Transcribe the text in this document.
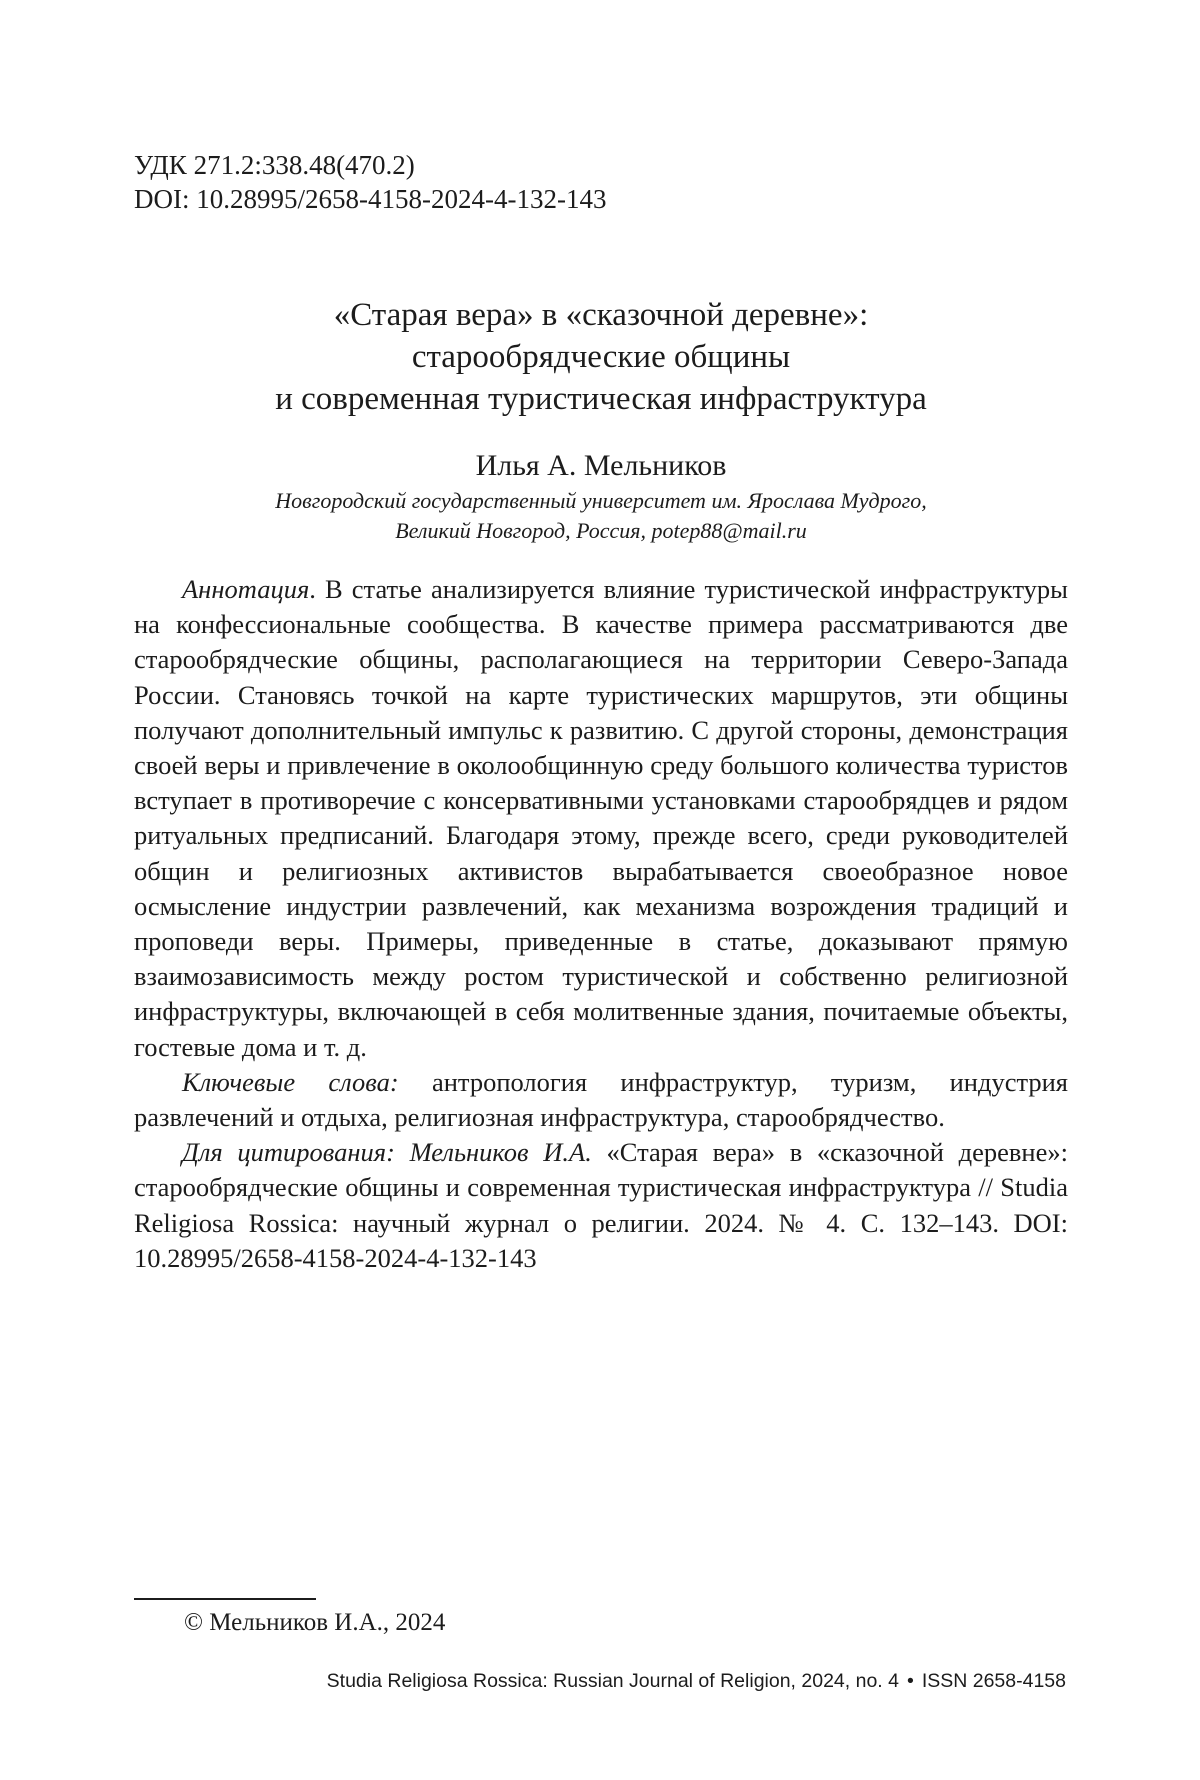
УДК 271.2:338.48(470.2)

DOI: 10.28995/2658-4158-2024-4-132-143

«Старая вера» в «сказочной деревне»:
старообрядческие общины
и современная туристическая инфраструктура
Илья А. Мельников
Новгородский государственный университет им. Ярослава Мудрого,
Великий Новгород, Россия, potep88@mail.ru

Аннотация. В статье анализируется влияние туристической инфраструктуры на конфессиональные сообщества. В качестве примера рассматриваются две старообрядческие общины, располагающиеся на территории Северо-Запада России. Становясь точкой на карте туристических маршрутов, эти общины получают дополнительный импульс к развитию. С другой стороны, демонстрация своей веры и привлечение в околообщинную среду большого количества туристов вступает в противоречие с консервативными установками старообрядцев и рядом ритуальных предписаний. Благодаря этому, прежде всего, среди руководителей общин и религиозных активистов вырабатывается своеобразное новое осмысление индустрии развлечений, как механизма возрождения традиций и проповеди веры. Примеры, приведенные в статье, доказывают прямую взаимозависимость между ростом туристической и собственно религиозной инфраструктуры, включающей в себя молитвенные здания, почитаемые объекты, гостевые дома и т. д.

Ключевые слова: антропология инфраструктур, туризм, индустрия развлечений и отдыха, религиозная инфраструктура, старообрядчество.

Для цитирования: Мельников И.А. «Старая вера» в «сказочной деревне»: старообрядческие общины и современная туристическая инфраструктура // Studia Religiosa Rossica: научный журнал о религии. 2024. № 4. С. 132–143. DOI: 10.28995/2658-4158-2024-4-132-143

© Мельников И.А., 2024
Studia Religiosa Rossica: Russian Journal of Religion, 2024, no. 4 • ISSN 2658-4158
